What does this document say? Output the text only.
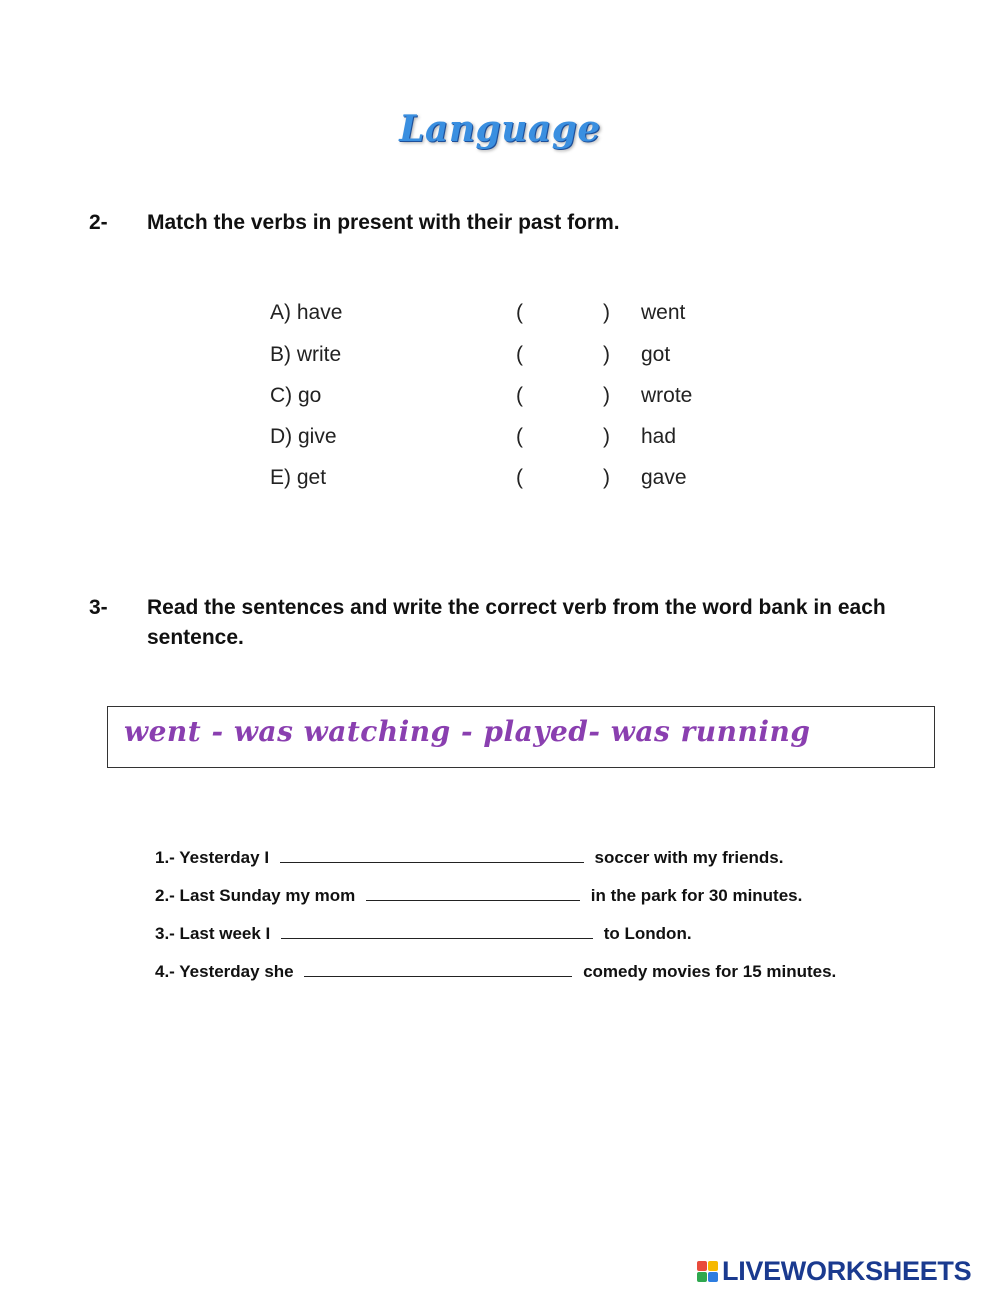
Language
2- Match the verbs in present with their past form.
A) have	(	) went
B) write	(	) got
C) go	(	) wrote
D) give	(	) had
E) get	(	) gave
3- Read the sentences and write the correct verb from the word bank in each sentence.
went - was watching - played- was running
1.- Yesterday I	soccer with my friends.
2.- Last Sunday my mom	in the park for 30 minutes.
3.- Last week I	to London.
4.- Yesterday she	comedy movies for 15 minutes.
LIVEWORKSHEETS
